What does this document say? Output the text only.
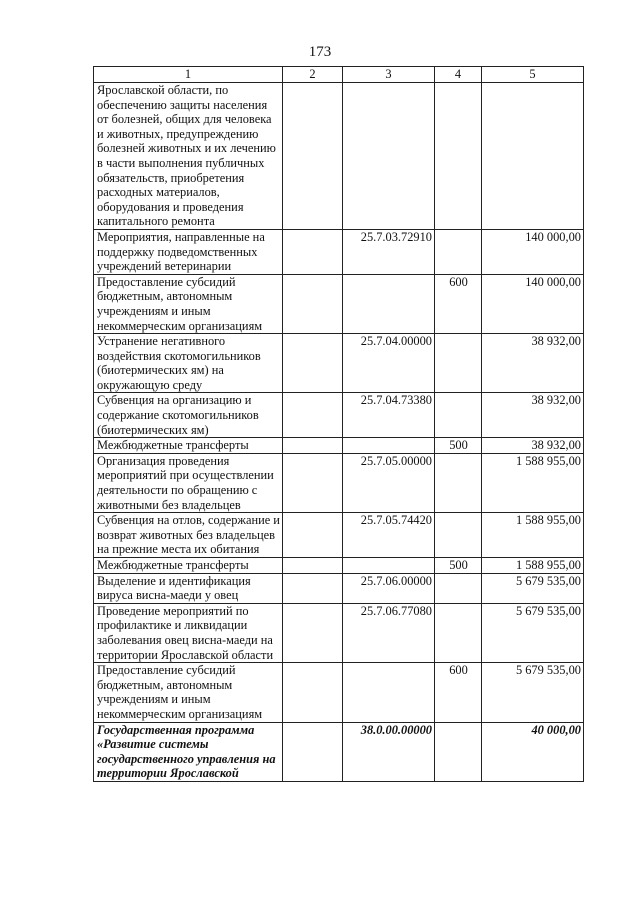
173
1	2	3	4	5
Ярославской области, по обеспечению защиты населения от болезней, общих для человека и животных, предупреждению болезней животных и их лечению в части выполнения публичных обязательств, приобретения расходных материалов, оборудования и проведения капитального ремонта				
Мероприятия, направленные на поддержку подведомственных учреждений ветеринарии		25.7.03.72910		140 000,00
Предоставление субсидий бюджетным, автономным учреждениям и иным некоммерческим организациям			600	140 000,00
Устранение негативного воздействия скотомогильников (биотермических ям) на окружающую среду		25.7.04.00000		38 932,00
Субвенция на организацию и содержание скотомогильников (биотермических ям)		25.7.04.73380		38 932,00
Межбюджетные трансферты			500	38 932,00
Организация проведения мероприятий при осуществлении деятельности по обращению с животными без владельцев		25.7.05.00000		1 588 955,00
Субвенция на отлов, содержание и возврат животных без владельцев на прежние места их обитания		25.7.05.74420		1 588 955,00
Межбюджетные трансферты			500	1 588 955,00
Выделение и идентификация вируса висна-маеди у овец		25.7.06.00000		5 679 535,00
Проведение мероприятий по профилактике и ликвидации заболевания овец висна-маеди на территории Ярославской области		25.7.06.77080		5 679 535,00
Предоставление субсидий бюджетным, автономным учреждениям и иным некоммерческим организациям			600	5 679 535,00
Государственная программа «Развитие системы государственного управления на территории Ярославской		38.0.00.00000		40 000,00
